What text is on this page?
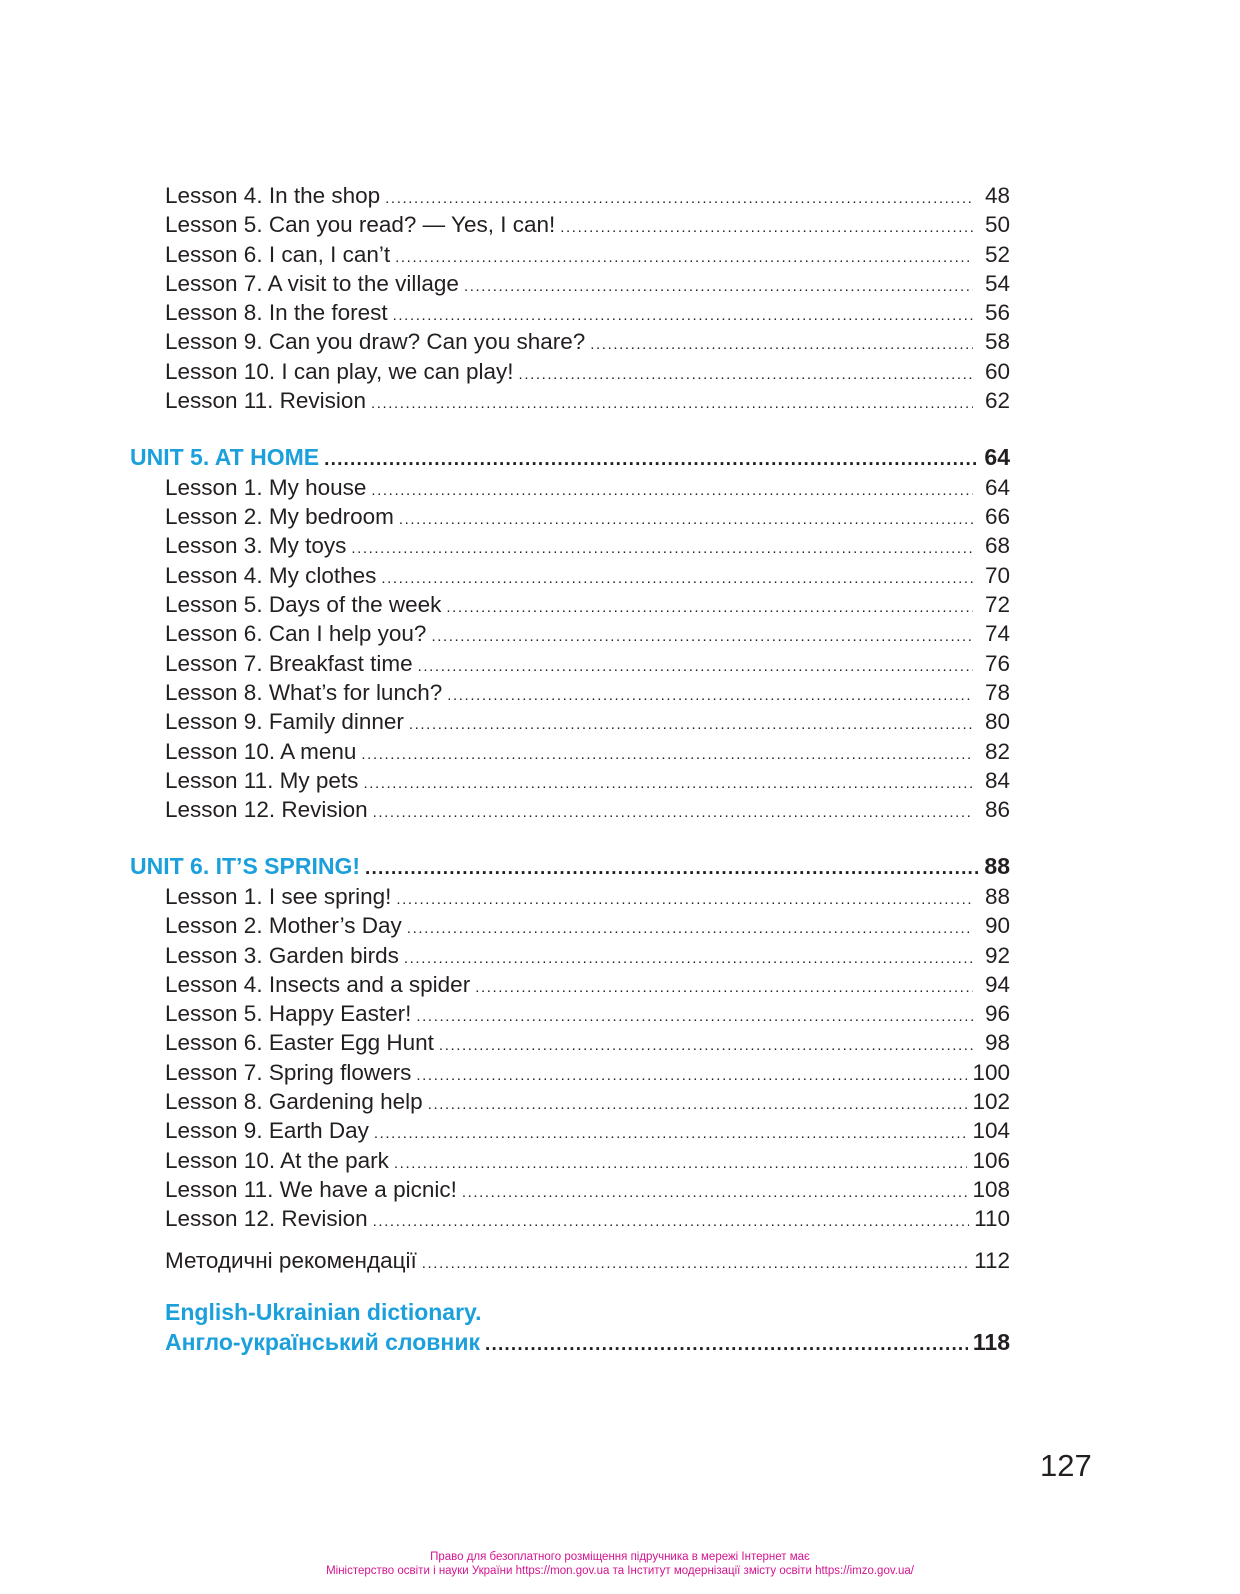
Lesson 4. In the shop .....	48
Lesson 5. Can you read? — Yes, I can! .....	50
Lesson 6. I can, I can’t .....	52
Lesson 7. A visit to the village .....	54
Lesson 8. In the forest .....	56
Lesson 9. Can you draw? Can you share? .....	58
Lesson 10. I can play, we can play! .....	60
Lesson 11. Revision .....	62
UNIT 5. AT HOME .....	64
Lesson 1. My house .....	64
Lesson 2. My bedroom .....	66
Lesson 3. My toys .....	68
Lesson 4. My clothes .....	70
Lesson 5. Days of the week .....	72
Lesson 6. Can I help you? .....	74
Lesson 7. Breakfast time .....	76
Lesson 8. What’s for lunch? .....	78
Lesson 9. Family dinner .....	80
Lesson 10. A menu .....	82
Lesson 11. My pets .....	84
Lesson 12. Revision .....	86
UNIT 6. IT’S SPRING! .....	88
Lesson 1. I see spring! .....	88
Lesson 2. Mother’s Day .....	90
Lesson 3. Garden birds .....	92
Lesson 4. Insects and a spider .....	94
Lesson 5. Happy Easter! .....	96
Lesson 6. Easter Egg Hunt .....	98
Lesson 7. Spring flowers .....	100
Lesson 8. Gardening help .....	102
Lesson 9. Earth Day .....	104
Lesson 10. At the park .....	106
Lesson 11. We have a picnic! .....	108
Lesson 12. Revision .....	110
Методичні рекомендації .....	112
English-Ukrainian dictionary.
Англо-український словник .....	118
127
Право для безоплатного розміщення підручника в мережі Інтернет має
Міністерство освіти і науки України https://mon.gov.ua та Інститут модернізації змісту освіти https://imzo.gov.ua/
